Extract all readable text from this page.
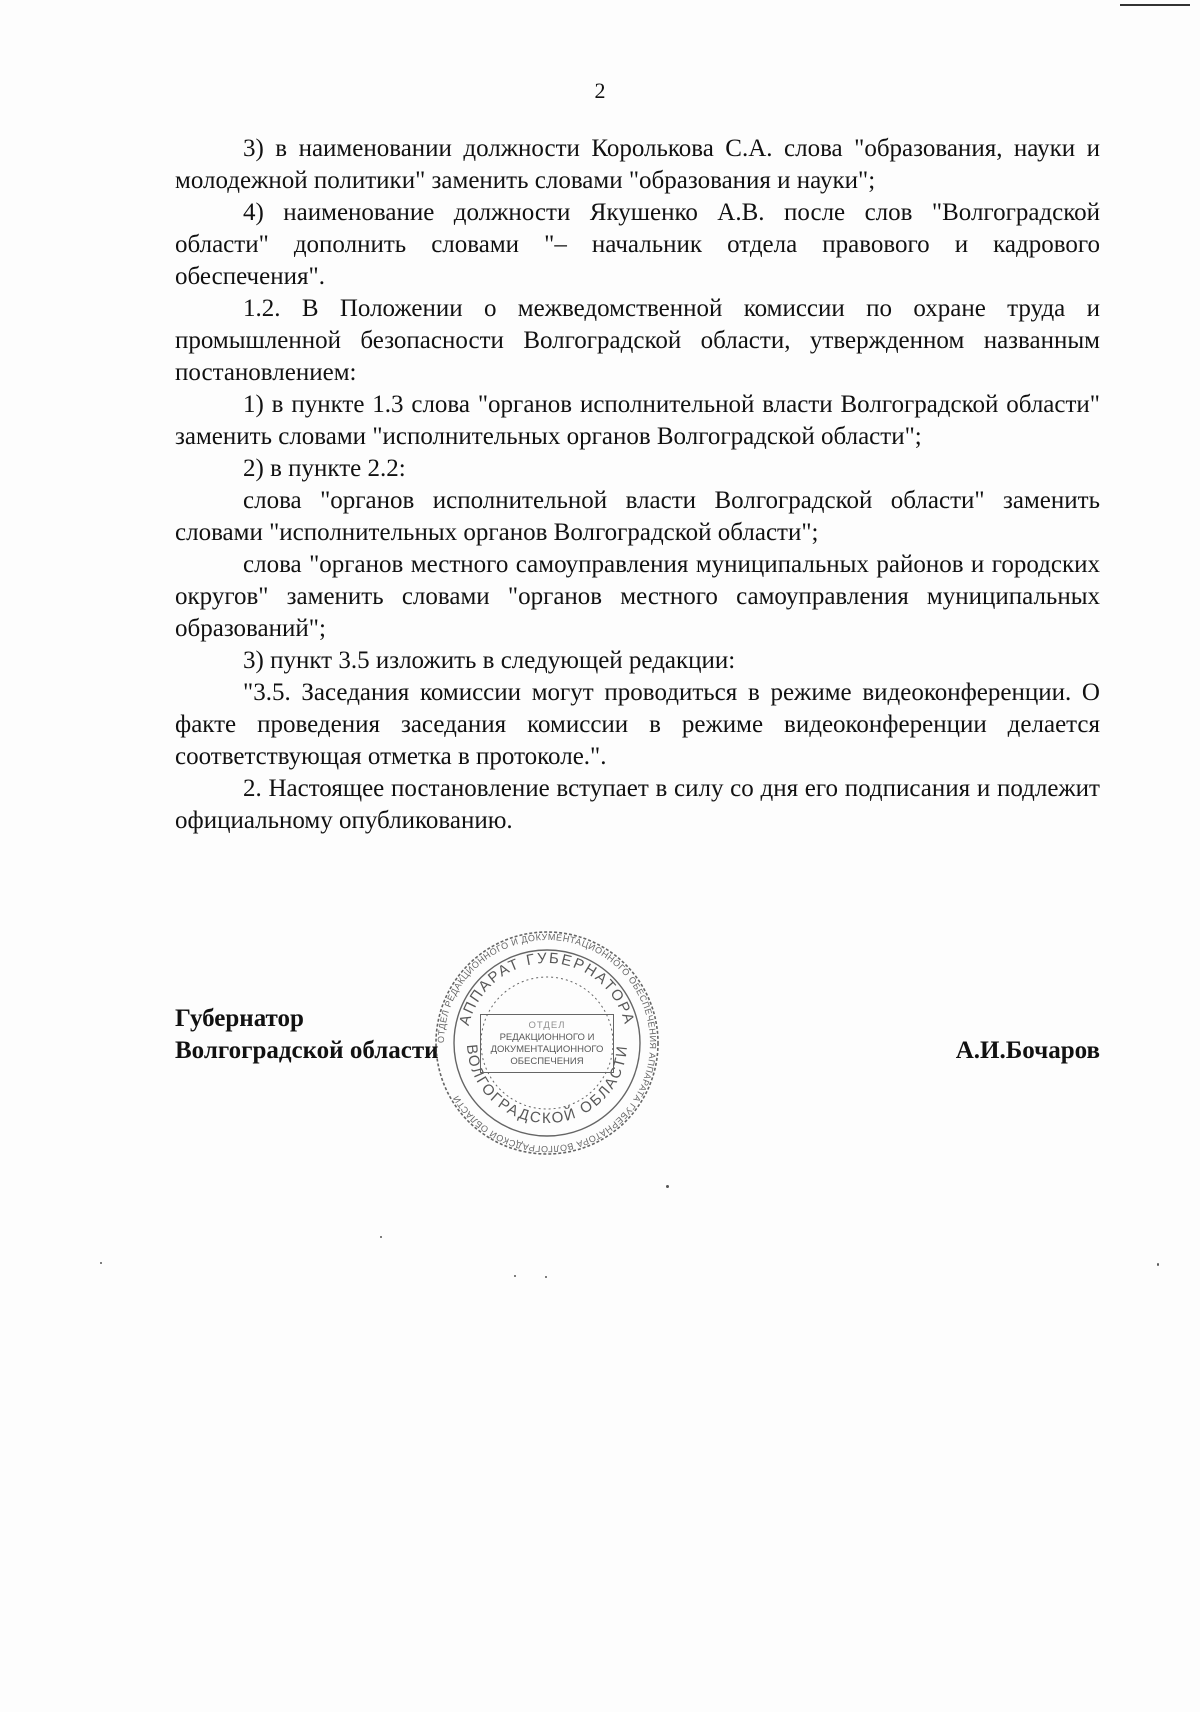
2

3) в наименовании должности Королькова С.А. слова "образования, науки и молодежной политики" заменить словами "образования и науки";

4) наименование должности Якушенко А.В. после слов "Волгоградской области" дополнить словами "– начальник отдела правового и кадрового обеспечения".

1.2. В Положении о межведомственной комиссии по охране труда и промышленной безопасности Волгоградской области, утвержденном названным постановлением:

1) в пункте 1.3 слова "органов исполнительной власти Волгоградской области" заменить словами "исполнительных органов Волгоградской области";

2) в пункте 2.2:

слова "органов исполнительной власти Волгоградской области" заменить словами "исполнительных органов Волгоградской области";

слова "органов местного самоуправления муниципальных районов и городских округов" заменить словами "органов местного самоуправления муниципальных образований";

3) пункт 3.5 изложить в следующей редакции:

"3.5. Заседания комиссии могут проводиться в режиме видеоконференции. О факте проведения заседания комиссии в режиме видеоконференции делается соответствующая отметка в протоколе.".

2. Настоящее постановление вступает в силу со дня его подписания и подлежит официальному опубликованию.

Губернатор
Волгоградской области	А.И.Бочаров
ОТДЕЛ РЕДАКЦИОННОГО И ДОКУМЕНТАЦИОННОГО ОБЕСПЕЧЕНИЯ АППАРАТА ГУБЕРНАТОРА ВОЛГОГРАДСКОЙ ОБЛАСТИ
АППАРАТ ГУБЕРНАТОРА
ВОЛГОГРАДСКОЙ ОБЛАСТИ
ОТДЕЛ
РЕДАКЦИОННОГО И
ДОКУМЕНТАЦИОННОГО
ОБЕСПЕЧЕНИЯ
